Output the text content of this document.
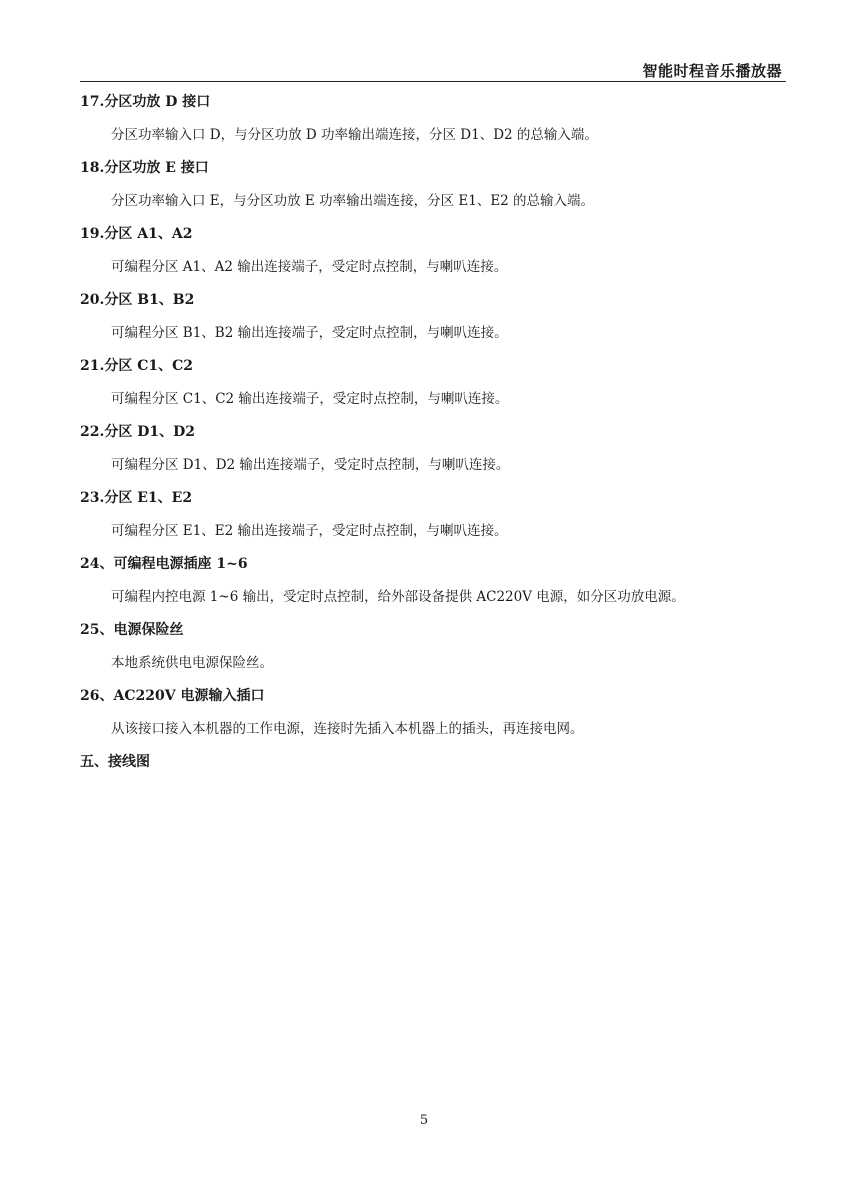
智能时程音乐播放器
17.分区功放 D 接口
分区功率输入口 D，与分区功放 D 功率输出端连接，分区 D1、D2 的总输入端。
18.分区功放 E 接口
分区功率输入口 E，与分区功放 E 功率输出端连接，分区 E1、E2 的总输入端。
19.分区 A1、A2
可编程分区 A1、A2 输出连接端子，受定时点控制，与喇叭连接。
20.分区 B1、B2
可编程分区 B1、B2 输出连接端子，受定时点控制，与喇叭连接。
21.分区 C1、C2
可编程分区 C1、C2 输出连接端子，受定时点控制，与喇叭连接。
22.分区 D1、D2
可编程分区 D1、D2 输出连接端子，受定时点控制，与喇叭连接。
23.分区 E1、E2
可编程分区 E1、E2 输出连接端子，受定时点控制，与喇叭连接。
24、可编程电源插座 1~6
可编程内控电源 1~6 输出，受定时点控制，给外部设备提供 AC220V 电源，如分区功放电源。
25、电源保险丝
本地系统供电电源保险丝。
26、AC220V 电源输入插口
从该接口接入本机器的工作电源，连接时先插入本机器上的插头，再连接电网。
五、接线图
5
